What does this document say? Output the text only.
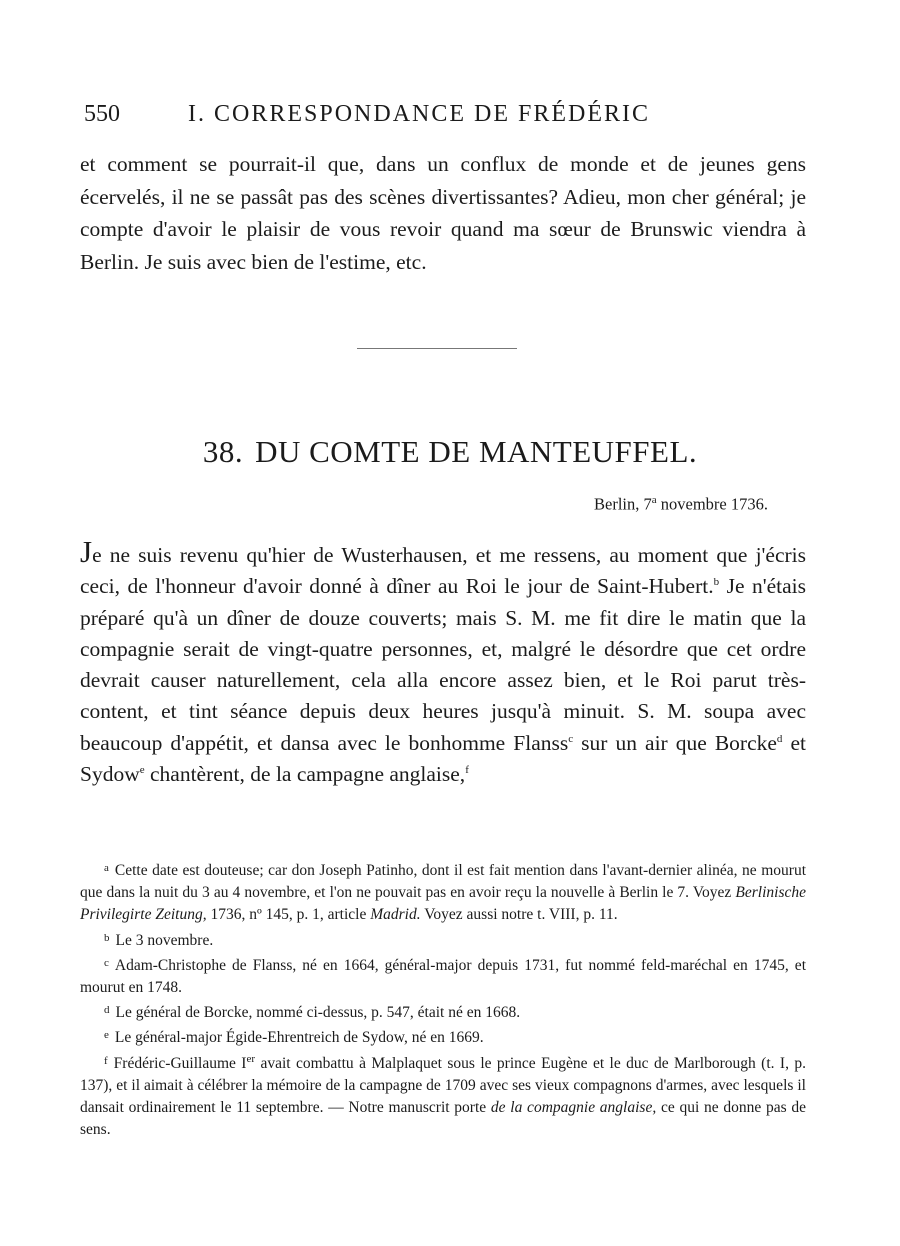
550	I. CORRESPONDANCE DE FRÉDÉRIC

et comment se pourrait-il que, dans un conflux de monde et de jeunes gens écervelés, il ne se passât pas des scènes divertissantes? Adieu, mon cher général; je compte d'avoir le plaisir de vous revoir quand ma sœur de Brunswic viendra à Berlin. Je suis avec bien de l'estime, etc.

38. DU COMTE DE MANTEUFFEL.
Berlin, 7$^a$ novembre 1736.

Je ne suis revenu qu'hier de Wusterhausen, et me ressens, au moment que j'écris ceci, de l'honneur d'avoir donné à dîner au Roi le jour de Saint-Hubert.$^b$ Je n'étais préparé qu'à un dîner de douze couverts; mais S. M. me fit dire le matin que la compagnie serait de vingt-quatre personnes, et, malgré le désordre que cet ordre devrait causer naturellement, cela alla encore assez bien, et le Roi parut très-content, et tint séance depuis deux heures jusqu'à minuit. S. M. soupa avec beaucoup d'appétit, et dansa avec le bonhomme Flanss$^c$ sur un air que Borcke$^d$ et Sydow$^e$ chantèrent, de la campagne anglaise,$^f$

a Cette date est douteuse; car don Joseph Patinho, dont il est fait mention dans l'avant-dernier alinéa, ne mourut que dans la nuit du 3 au 4 novembre, et l'on ne pouvait pas en avoir reçu la nouvelle à Berlin le 7. Voyez Berlinische Privilegirte Zeitung, 1736, nº 145, p. 1, article Madrid. Voyez aussi notre t. VIII, p. 11.

b Le 3 novembre.

c Adam-Christophe de Flanss, né en 1664, général-major depuis 1731, fut nommé feld-maréchal en 1745, et mourut en 1748.

d Le général de Borcke, nommé ci-dessus, p. 547, était né en 1668.

e Le général-major Égide-Ehrentreich de Sydow, né en 1669.

f Frédéric-Guillaume Ier avait combattu à Malplaquet sous le prince Eugène et le duc de Marlborough (t. I, p. 137), et il aimait à célébrer la mémoire de la campagne de 1709 avec ses vieux compagnons d'armes, avec lesquels il dansait ordinairement le 11 septembre. — Notre manuscrit porte de la compagnie anglaise, ce qui ne donne pas de sens.
